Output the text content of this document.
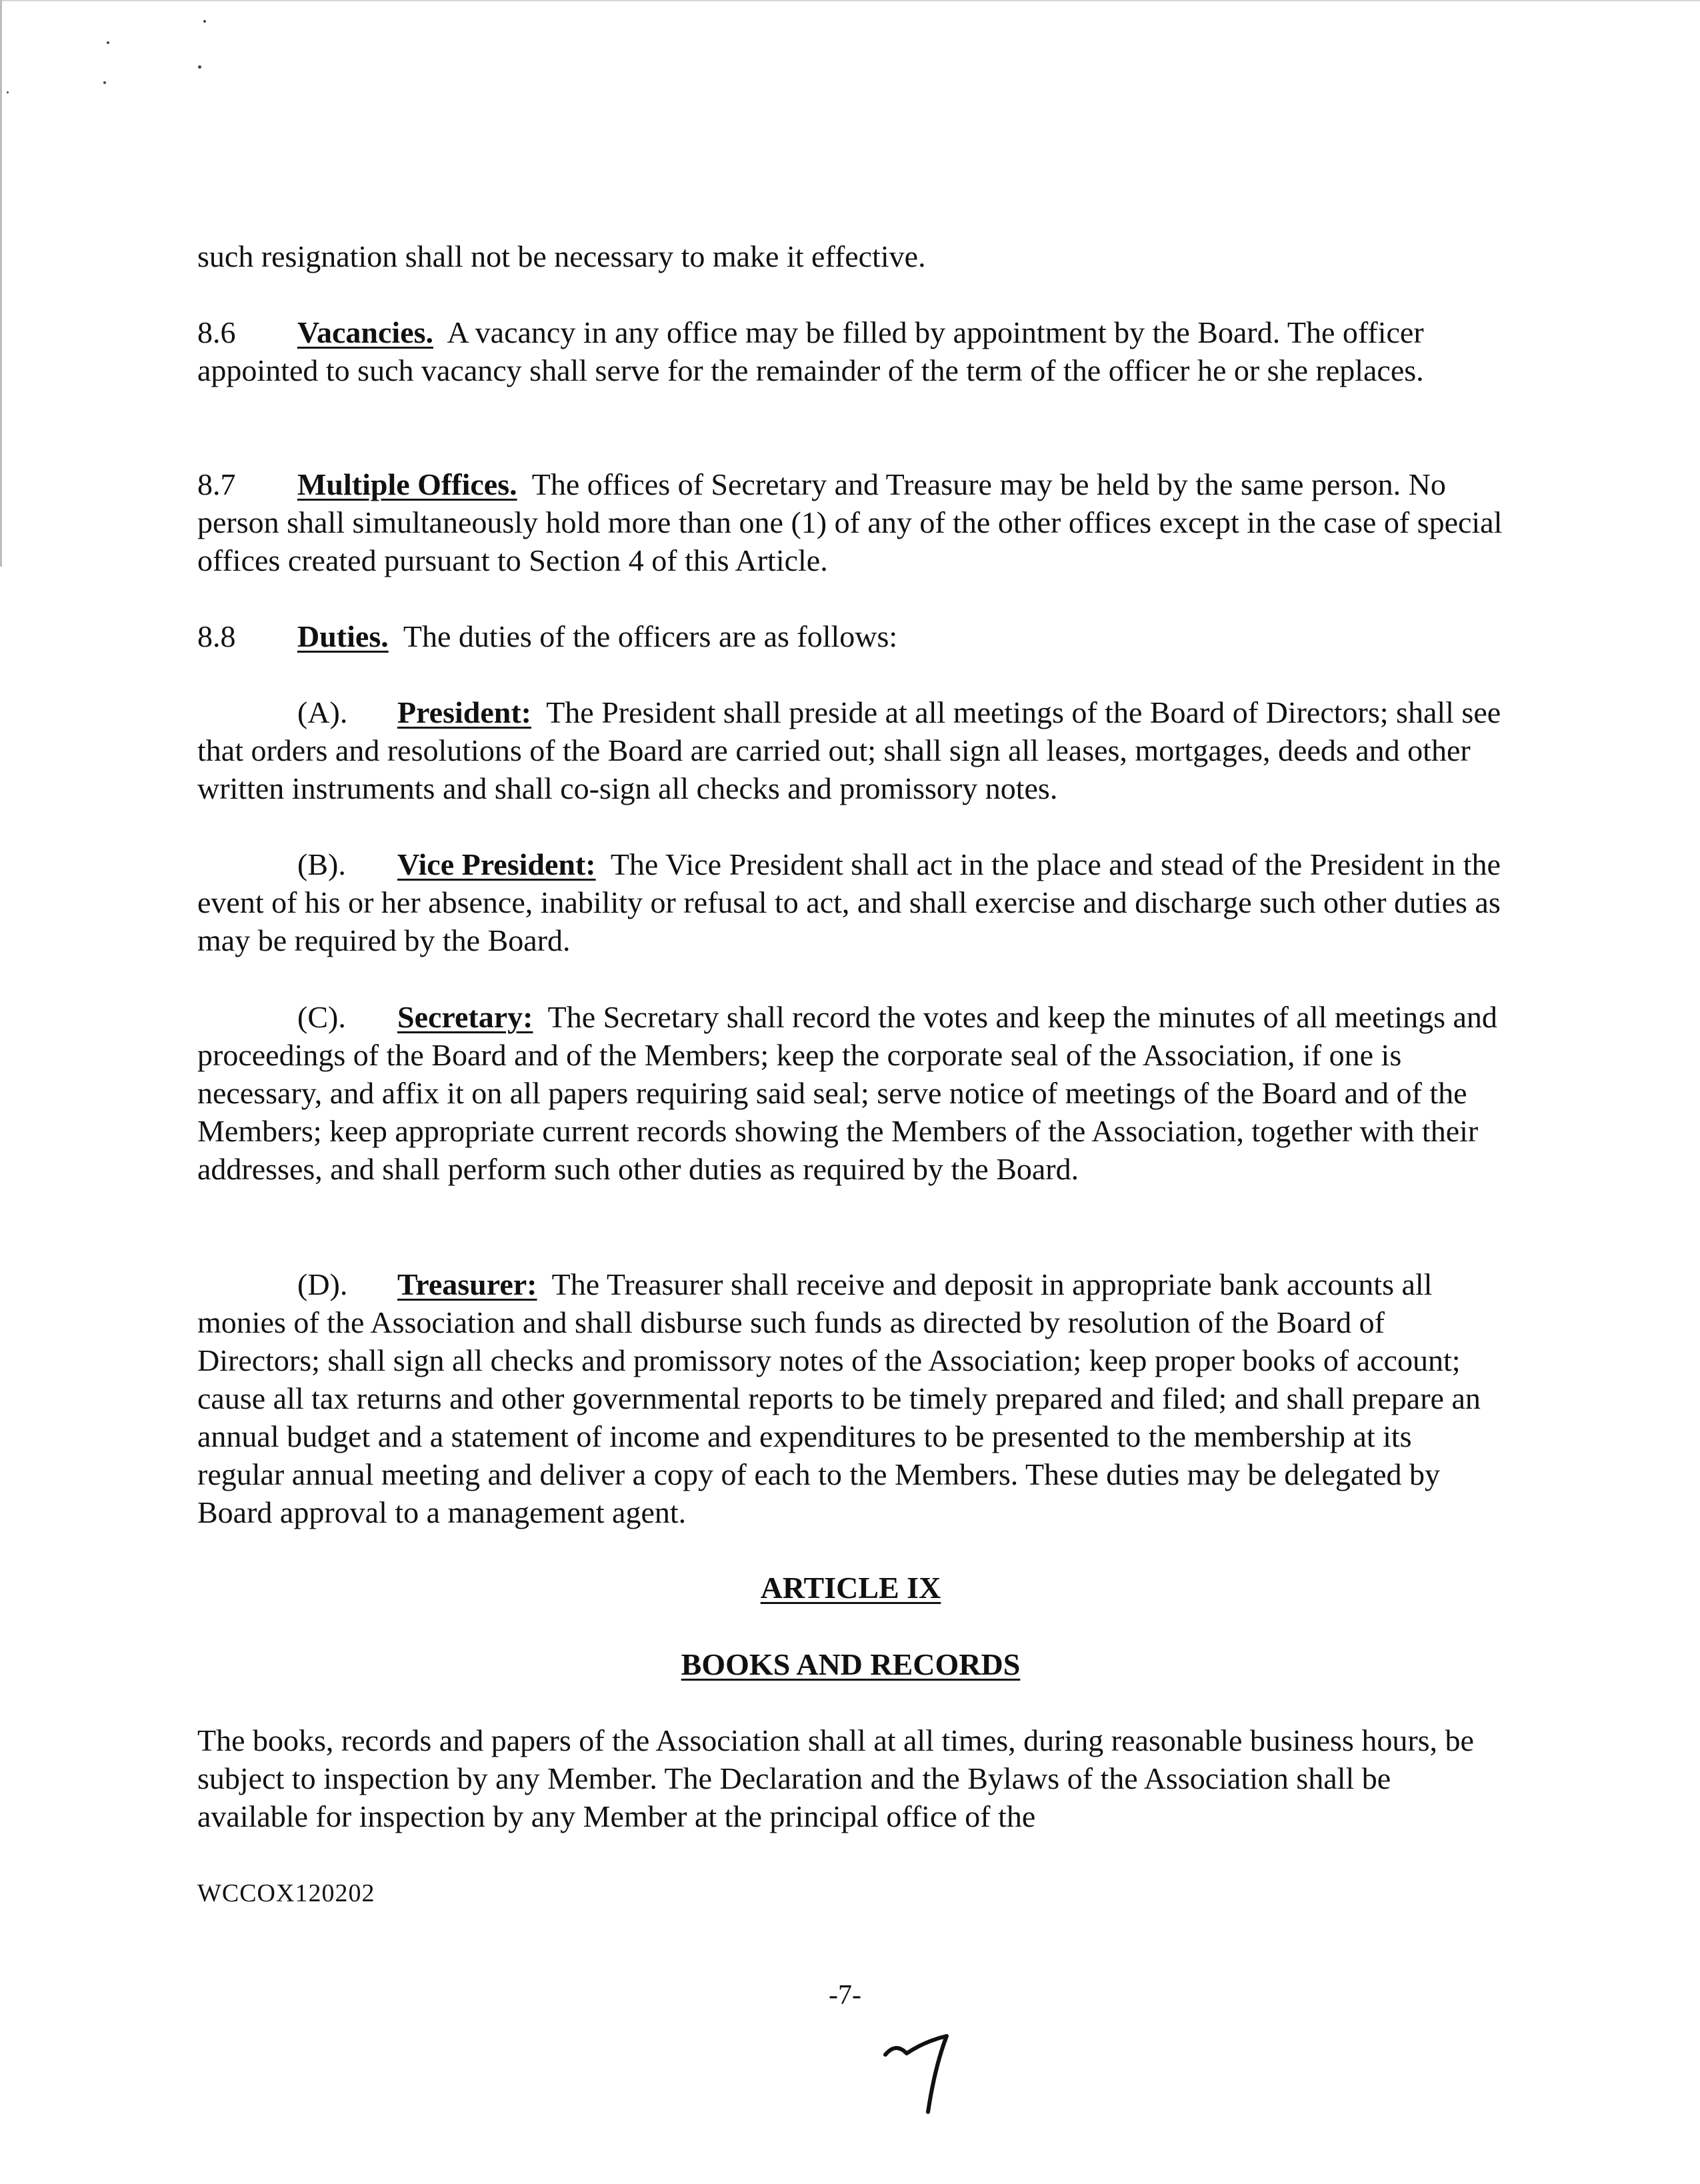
such resignation shall not be necessary to make it effective.

8.6 Vacancies. A vacancy in any office may be filled by appointment by the Board. The officer appointed to such vacancy shall serve for the remainder of the term of the officer he or she replaces.

8.7 Multiple Offices. The offices of Secretary and Treasure may be held by the same person. No person shall simultaneously hold more than one (1) of any of the other offices except in the case of special offices created pursuant to Section 4 of this Article.

8.8 Duties. The duties of the officers are as follows:

(A). President: The President shall preside at all meetings of the Board of Directors; shall see that orders and resolutions of the Board are carried out; shall sign all leases, mortgages, deeds and other written instruments and shall co-sign all checks and promissory notes.

(B). Vice President: The Vice President shall act in the place and stead of the President in the event of his or her absence, inability or refusal to act, and shall exercise and discharge such other duties as may be required by the Board.

(C). Secretary: The Secretary shall record the votes and keep the minutes of all meetings and proceedings of the Board and of the Members; keep the corporate seal of the Association, if one is necessary, and affix it on all papers requiring said seal; serve notice of meetings of the Board and of the Members; keep appropriate current records showing the Members of the Association, together with their addresses, and shall perform such other duties as required by the Board.

(D). Treasurer: The Treasurer shall receive and deposit in appropriate bank accounts all monies of the Association and shall disburse such funds as directed by resolution of the Board of Directors; shall sign all checks and promissory notes of the Association; keep proper books of account; cause all tax returns and other governmental reports to be timely prepared and filed; and shall prepare an annual budget and a statement of income and expenditures to be presented to the membership at its regular annual meeting and deliver a copy of each to the Members. These duties may be delegated by Board approval to a management agent.

ARTICLE IX
BOOKS AND RECORDS

The books, records and papers of the Association shall at all times, during reasonable business hours, be subject to inspection by any Member. The Declaration and the Bylaws of the Association shall be available for inspection by any Member at the principal office of the

WCCOX120202
-7-
